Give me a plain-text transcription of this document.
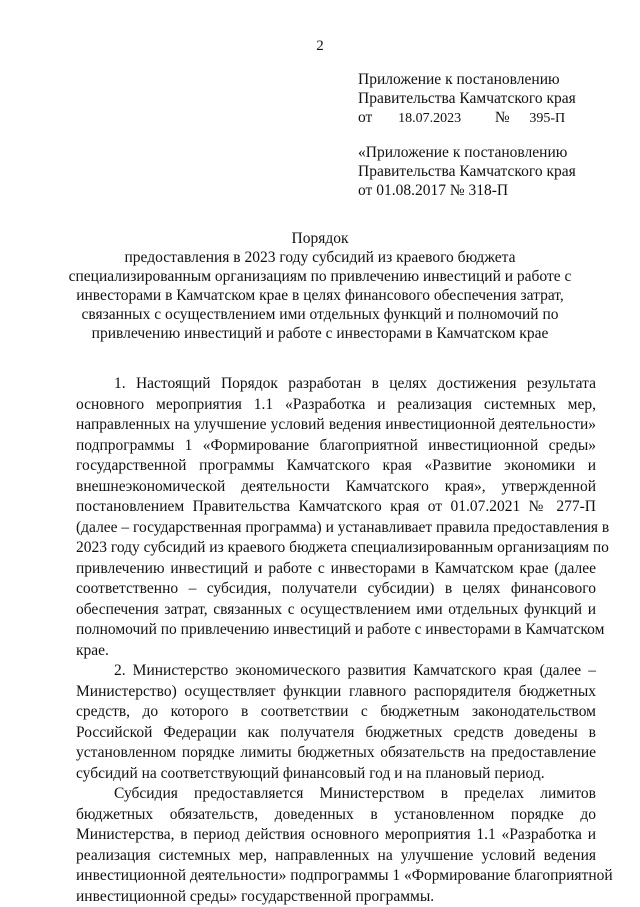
2
Приложение к постановлению
Правительства Камчатского края
от 18.07.2023 № 395-П
«Приложение к постановлению
Правительства Камчатского края
от 01.08.2017 № 318-П
Порядок
предоставления в 2023 году субсидий из краевого бюджета
специализированным организациям по привлечению инвестиций и работе с
инвесторами в Камчатском крае в целях финансового обеспечения затрат,
связанных с осуществлением ими отдельных функций и полномочий по
привлечению инвестиций и работе с инвесторами в Камчатском крае
1. Настоящий Порядок разработан в целях достижения результата
основного мероприятия 1.1 «Разработка и реализация системных мер,
направленных на улучшение условий ведения инвестиционной деятельности»
подпрограммы 1 «Формирование благоприятной инвестиционной среды»
государственной программы Камчатского края «Развитие экономики и
внешнеэкономической деятельности Камчатского края», утвержденной
постановлением Правительства Камчатского края от 01.07.2021 № 277-П
(далее – государственная программа) и устанавливает правила предоставления в
2023 году субсидий из краевого бюджета специализированным организациям по
привлечению инвестиций и работе с инвесторами в Камчатском крае (далее
соответственно – субсидия, получатели субсидии) в целях финансового
обеспечения затрат, связанных с осуществлением ими отдельных функций и
полномочий по привлечению инвестиций и работе с инвесторами в Камчатском
крае.
2. Министерство экономического развития Камчатского края (далее –
Министерство) осуществляет функции главного распорядителя бюджетных
средств, до которого в соответствии с бюджетным законодательством
Российской Федерации как получателя бюджетных средств доведены в
установленном порядке лимиты бюджетных обязательств на предоставление
субсидий на соответствующий финансовый год и на плановый период.
Субсидия предоставляется Министерством в пределах лимитов
бюджетных обязательств, доведенных в установленном порядке до
Министерства, в период действия основного мероприятия 1.1 «Разработка и
реализация системных мер, направленных на улучшение условий ведения
инвестиционной деятельности» подпрограммы 1 «Формирование благоприятной
инвестиционной среды» государственной программы.
